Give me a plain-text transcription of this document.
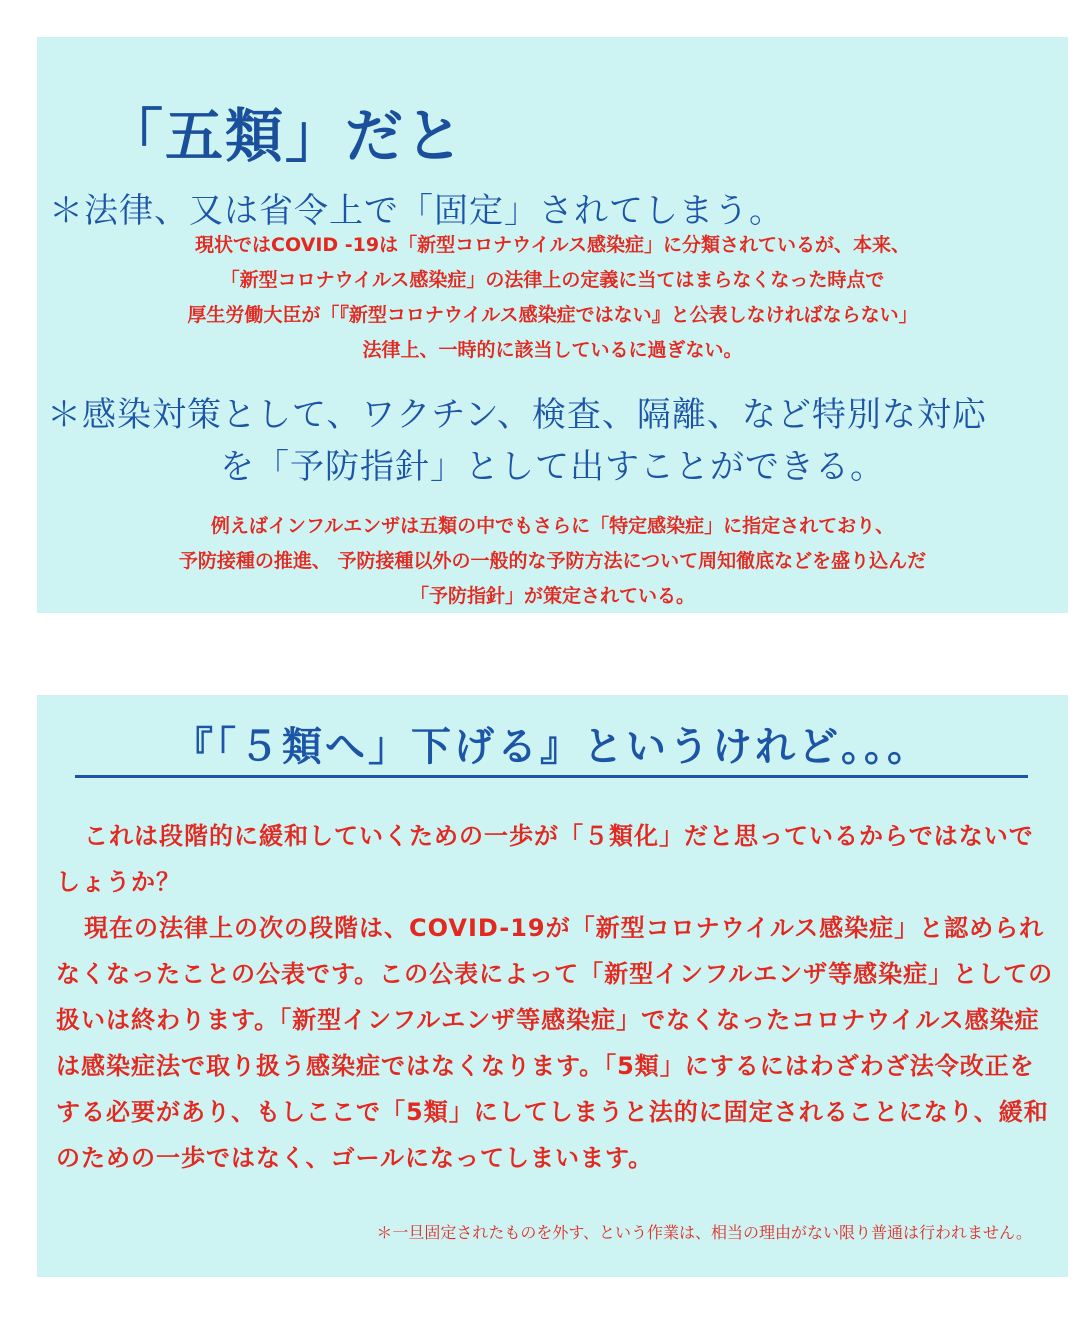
「五類」だと
＊法律、又は省令上で「固定」されてしまう。
現状ではCOVID -19は「新型コロナウイルス感染症」に分類されているが、本来、
「新型コロナウイルス感染症」の法律上の定義に当てはまらなくなった時点で
厚生労働大臣が「『新型コロナウイルス感染症ではない』と公表しなければならない」
法律上、一時的に該当しているに過ぎない。
＊感染対策として、ワクチン、検査、隔離、など特別な対応
を「予防指針」として出すことができる。
例えばインフルエンザは五類の中でもさらに「特定感染症」に指定されており、
予防接種の推進、 予防接種以外の一般的な予防方法について周知徹底などを盛り込んだ
「予防指針」が策定されている。
『「５類へ」下げる』というけれど。。。

これは段階的に緩和していくための一歩が「５類化」だと思っているからではないでしょうか？

現在の法律上の次の段階は、COVID-19が「新型コロナウイルス感染症」と認められなくなったことの公表です。この公表によって「新型インフルエンザ等感染症」としての扱いは終わります。「新型インフルエンザ等感染症」でなくなったコロナウイルス感染症は感染症法で取り扱う感染症ではなくなります。「5類」にするにはわざわざ法令改正をする必要があり、もしここで「5類」にしてしまうと法的に固定されることになり、緩和のための一歩ではなく、ゴールになってしまいます。

＊一旦固定されたものを外す、という作業は、相当の理由がない限り普通は行われません。
